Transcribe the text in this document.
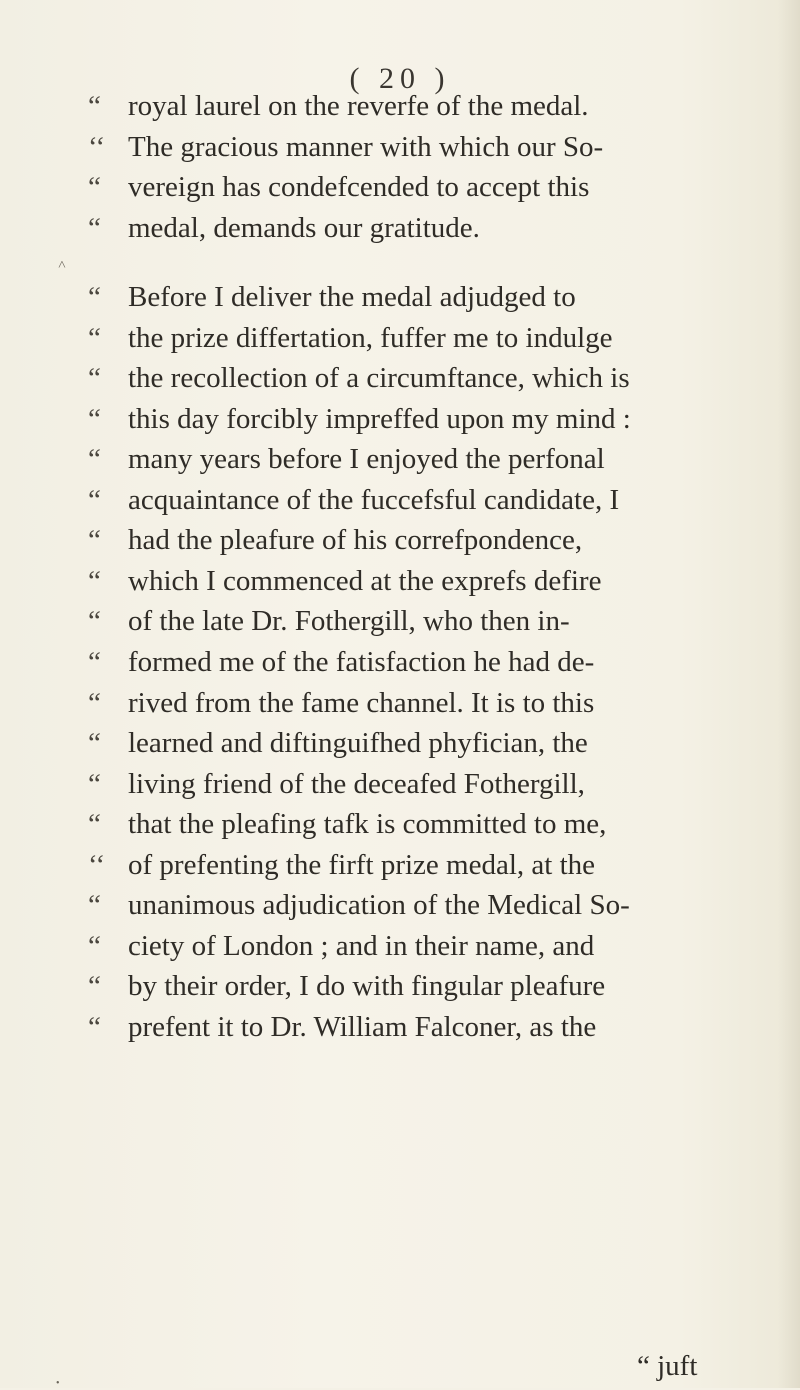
( 20 )
“ royal laurel on the reverfe of the medal.
‘‘ The gracious manner with which our So-
“ vereign has condefcended to accept this
“ medal, demands our gratitude.
“ Before I deliver the medal adjudged to
“ the prize differtation, fuffer me to indulge
“ the recollection of a circumftance, which is
“ this day forcibly impreffed upon my mind :
“ many years before I enjoyed the perfonal
“ acquaintance of the fuccefsful candidate, I
“ had the pleafure of his correfpondence,
“ which I commenced at the exprefs defire
“ of the late Dr. Fothergill, who then in-
“ formed me of the fatisfaction he had de-
“ rived from the fame channel. It is to this
“ learned and diftinguifhed phyfician, the
“ living friend of the deceafed Fothergill,
“ that the pleafing tafk is committed to me,
‘‘ of prefenting the firft prize medal, at the
“ unanimous adjudication of the Medical So-
“ ciety of London ; and in their name, and
“ by their order, I do with fingular pleafure
“ prefent it to Dr. William Falconer, as the
˄
•
“ juft
